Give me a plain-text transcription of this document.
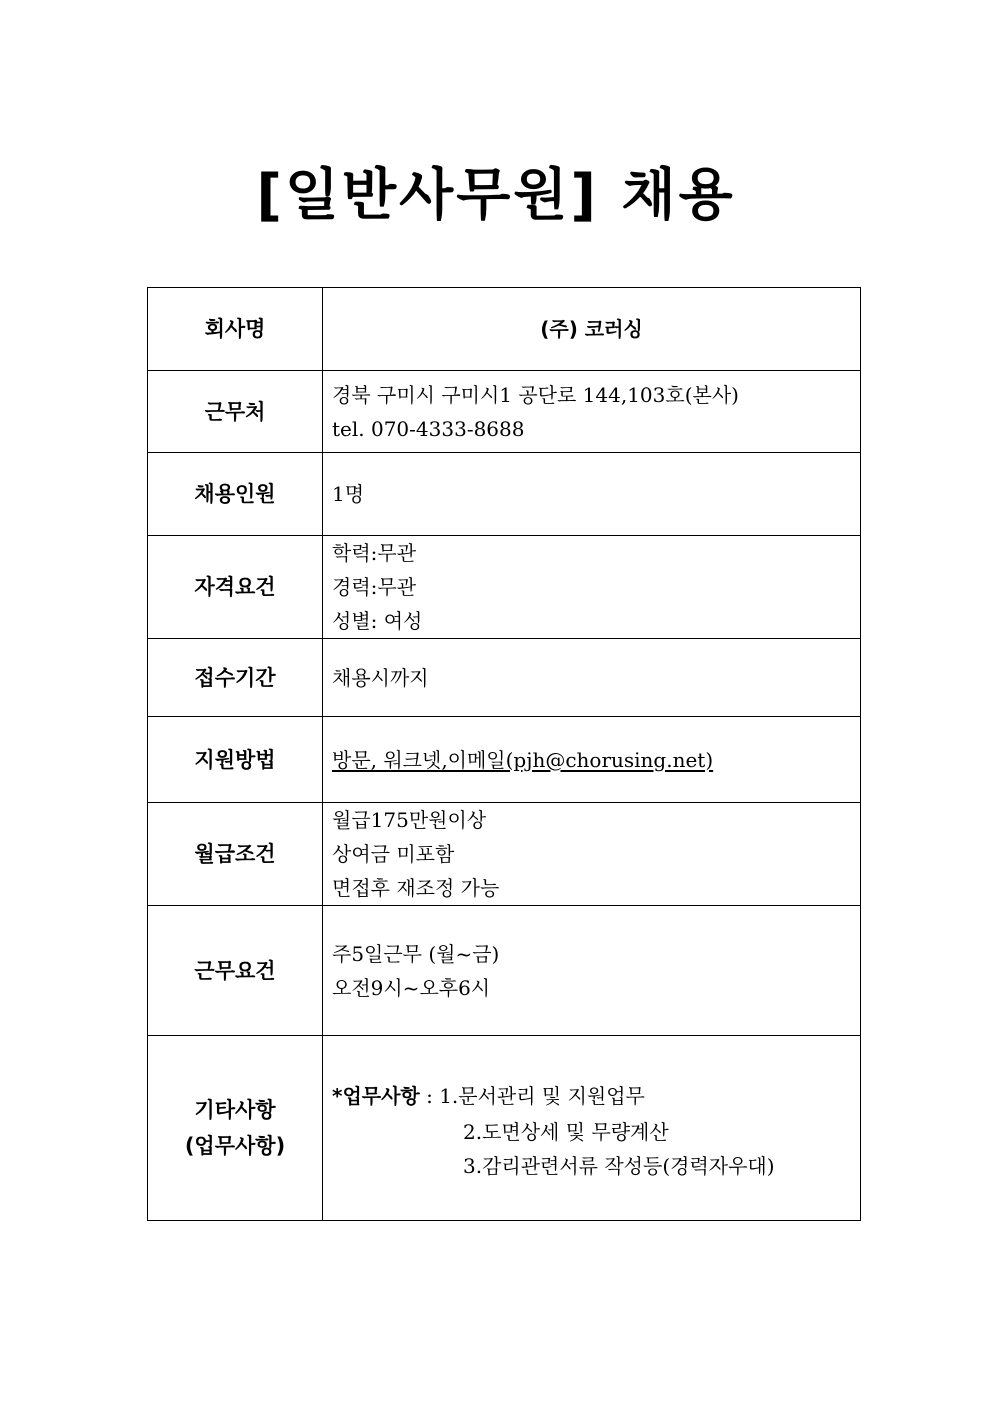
[일반사무원] 채용
회사명	(주) 코러싱
근무처	경북 구미시 구미시1 공단로 144,103호(본사)
tel. 070-4333-8688

채용인원	1명
자격요건	학력:무관
경력:무관
성별: 여성

접수기간	채용시까지
지원방법	방문, 워크넷,이메일(pjh@chorusing.net)
월급조건	월급175만원이상
상여금 미포함
면접후 재조정 가능

근무요건	주5일근무 (월~금)
오전9시~오후6시

기타사항
(업무사항)	*업무사항 : 1.문서관리 및 지원업무
2.도면상세 및 무량계산
3.감리관련서류 작성등(경력자우대)
